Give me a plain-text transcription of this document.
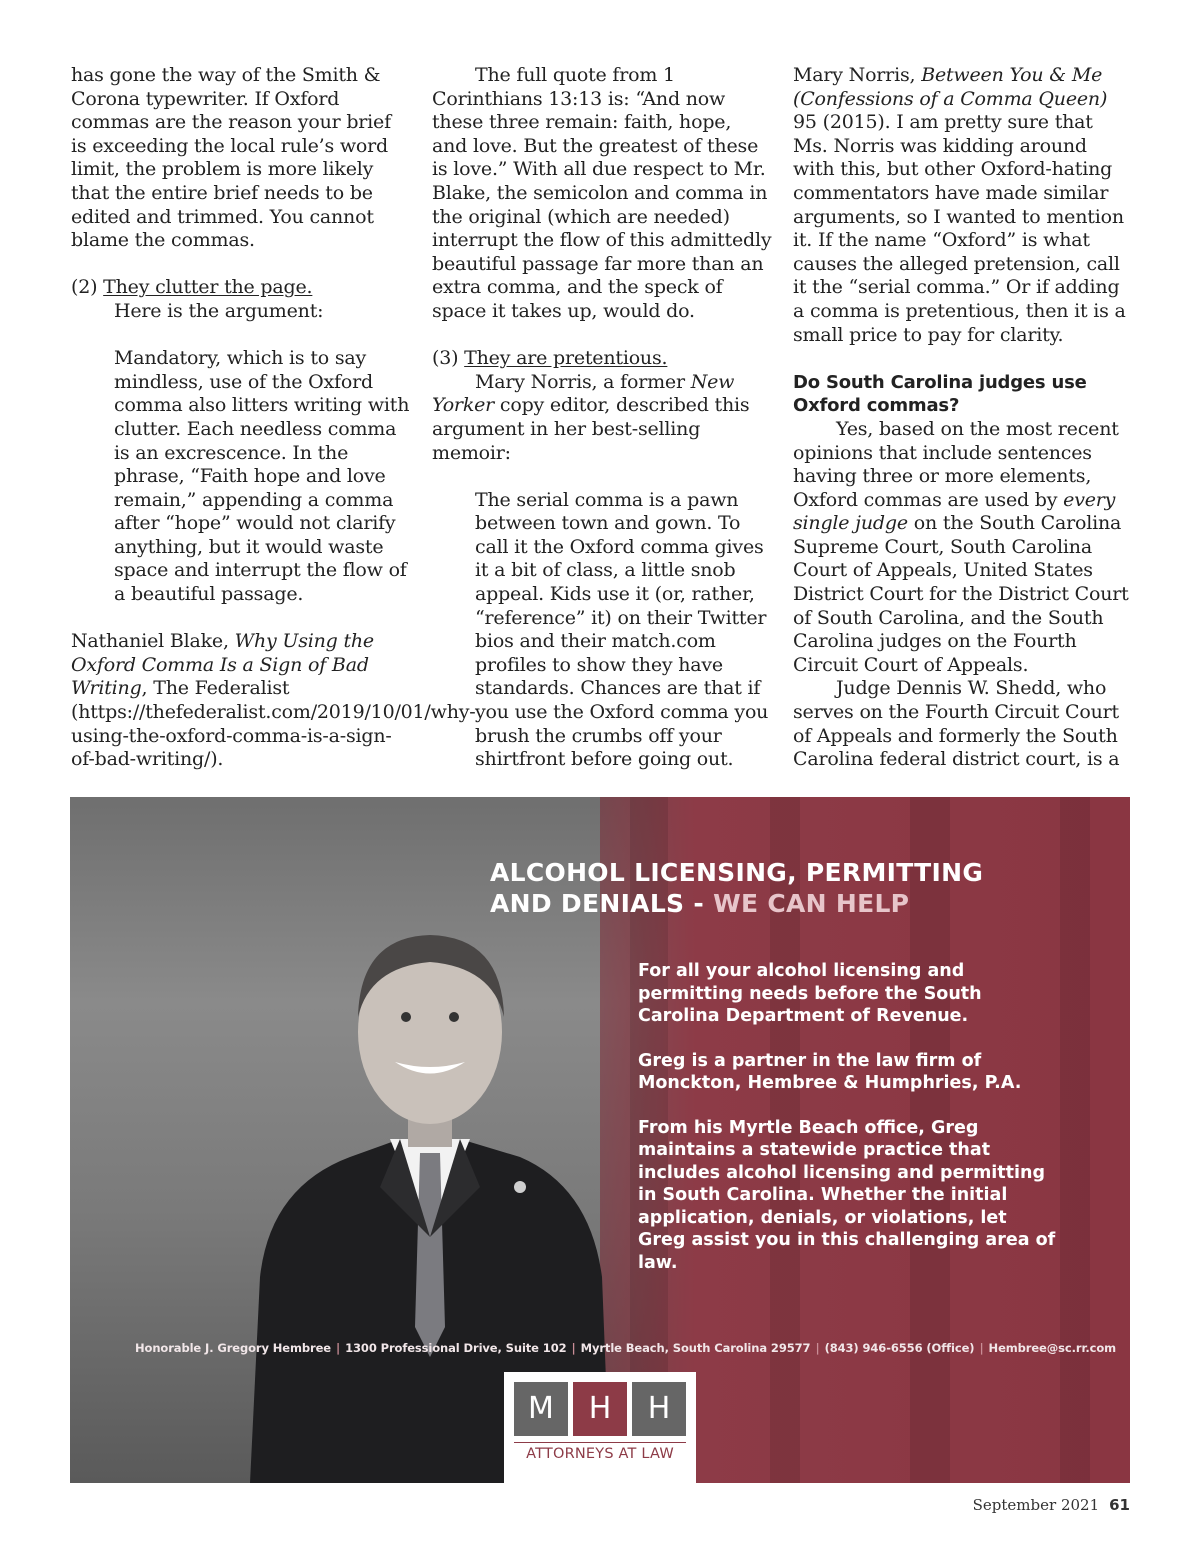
has gone the way of the Smith & Corona typewriter. If Oxford commas are the reason your brief is exceeding the local rule’s word limit, the problem is more likely that the entire brief needs to be edited and trimmed. You cannot blame the commas.

(2) They clutter the page.

Here is the argument:

Mandatory, which is to say mindless, use of the Oxford comma also litters writing with clutter. Each needless comma is an excrescence. In the phrase, “Faith hope and love remain,” appending a comma after “hope” would not clarify anything, but it would waste space and interrupt the flow of a beautiful passage.

Nathaniel Blake, Why Using the Oxford Comma Is a Sign of Bad Writing, The Federalist (https://thefederalist.com/2019/10/01/why-using-the-oxford-comma-is-a-sign-of-bad-writing/).

The full quote from 1 Corinthians 13:13 is: “And now these three remain: faith, hope, and love. But the greatest of these is love.” With all due respect to Mr. Blake, the semicolon and comma in the original (which are needed) interrupt the flow of this admittedly beautiful passage far more than an extra comma, and the speck of space it takes up, would do.

(3) They are pretentious.

Mary Norris, a former New Yorker copy editor, described this argument in her best-selling memoir:

The serial comma is a pawn between town and gown. To call it the Oxford comma gives it a bit of class, a little snob appeal. Kids use it (or, rather, “reference” it) on their Twitter bios and their match.com profiles to show they have standards. Chances are that if you use the Oxford comma you brush the crumbs off your shirtfront before going out.

Mary Norris, Between You & Me (Confessions of a Comma Queen) 95 (2015). I am pretty sure that Ms. Norris was kidding around with this, but other Oxford-hating commentators have made similar arguments, so I wanted to mention it. If the name “Oxford” is what causes the alleged pretension, call it the “serial comma.” Or if adding a comma is pretentious, then it is a small price to pay for clarity.

Do South Carolina judges use Oxford commas?

Yes, based on the most recent opinions that include sentences having three or more elements, Oxford commas are used by every single judge on the South Carolina Supreme Court, South Carolina Court of Appeals, United States District Court for the District Court of South Carolina, and the South Carolina judges on the Fourth Circuit Court of Appeals.

Judge Dennis W. Shedd, who serves on the Fourth Circuit Court of Appeals and formerly the South Carolina federal district court, is a

ALCOHOL LICENSING, PERMITTING
AND DENIALS - WE CAN HELP

For all your alcohol licensing and permitting needs before the South Carolina Department of Revenue.

Greg is a partner in the law firm of Monckton, Hembree & Humphries, P.A.

From his Myrtle Beach office, Greg maintains a statewide practice that includes alcohol licensing and permitting in South Carolina. Whether the initial application, denials, or violations, let Greg assist you in this challenging area of law.

Honorable J. Gregory Hembree | 1300 Professional Drive, Suite 102 | Myrtle Beach, South Carolina 29577 | (843) 946-6556 (Office) | Hembree@sc.rr.com
M	H	H
ATTORNEYS AT LAW
September 2021 61
